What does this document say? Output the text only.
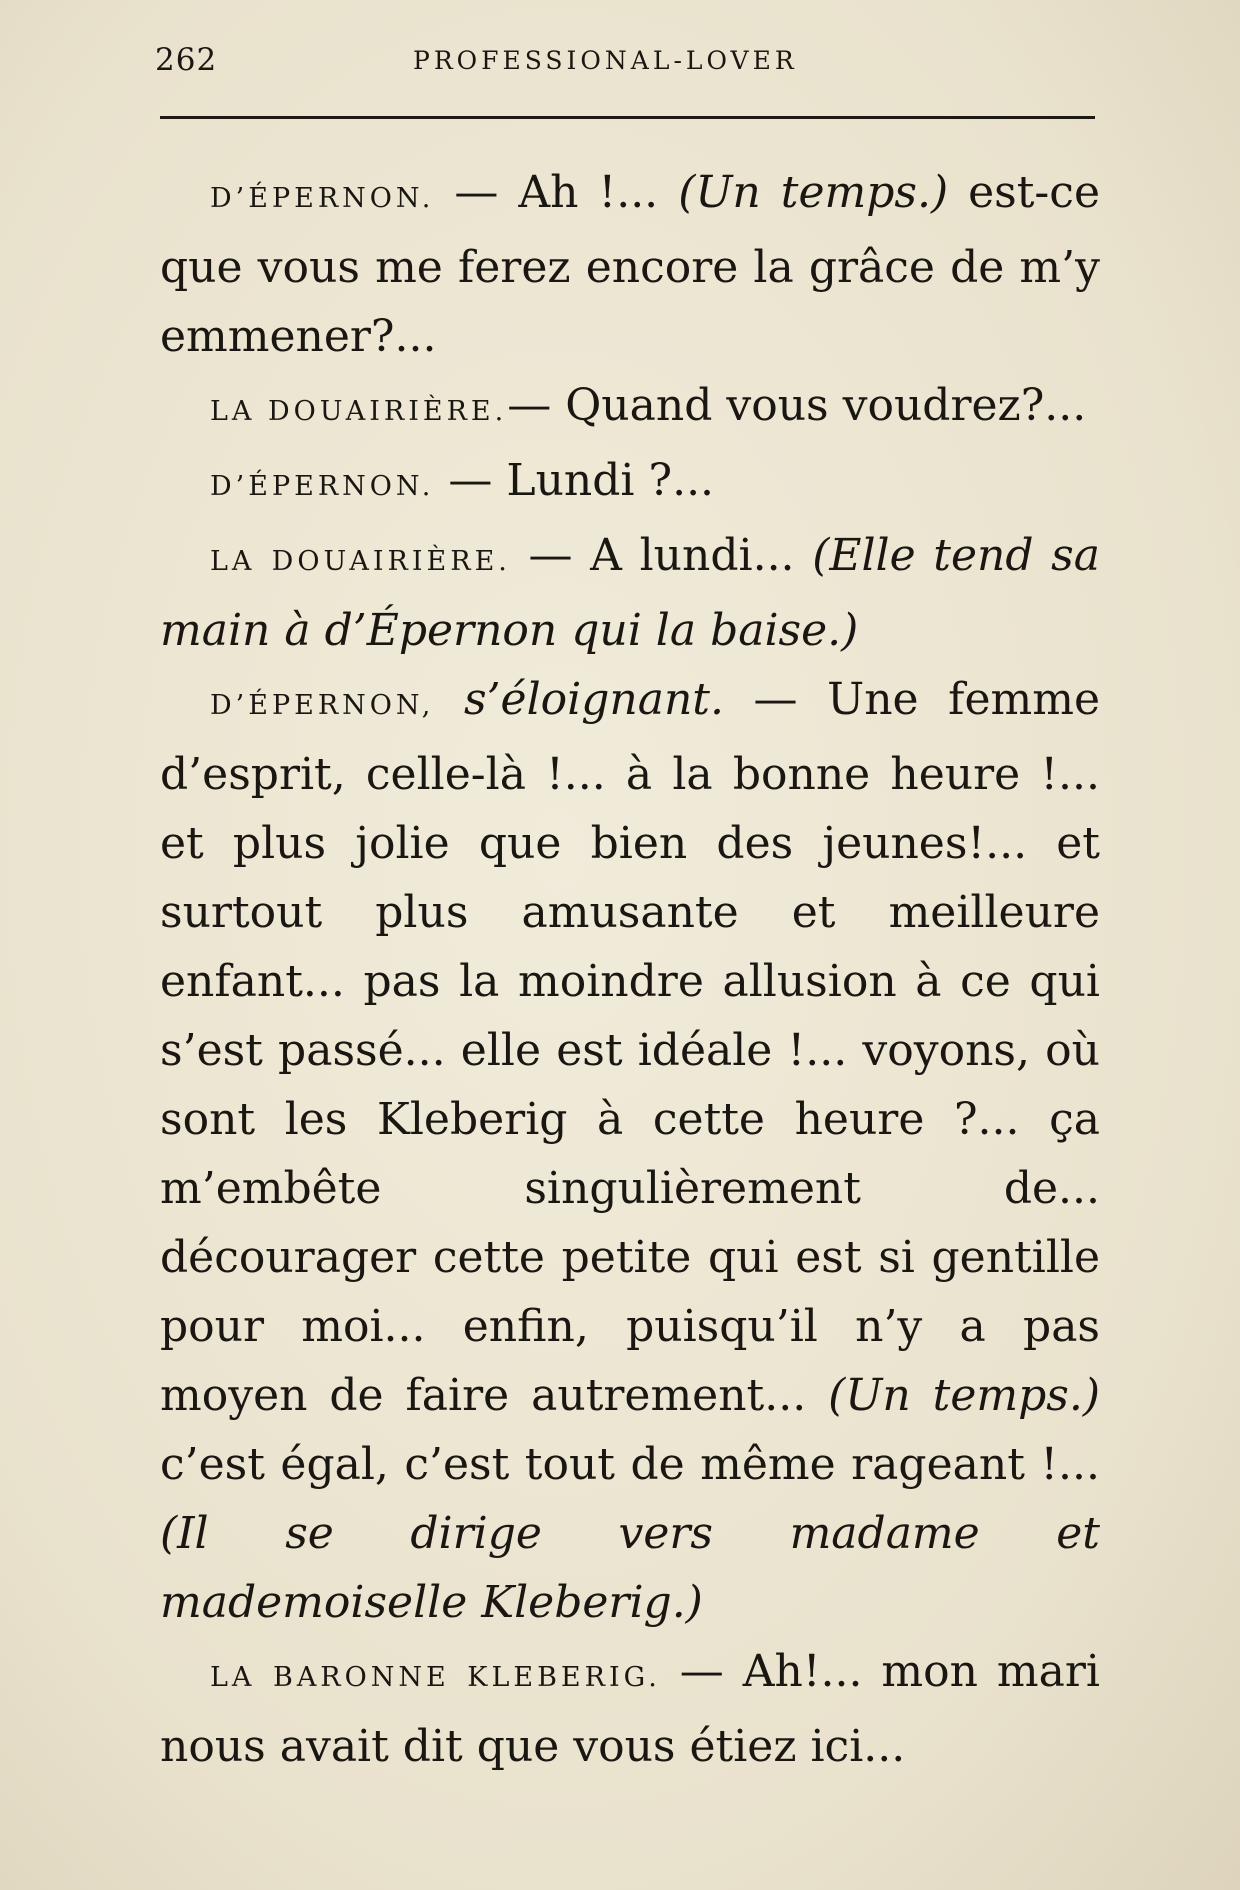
262	PROFESSIONAL-LOVER

D’ÉPERNON. — Ah !... (Un temps.) est-ce que vous me ferez encore la grâce de m’y emmener?...

LA DOUAIRIÈRE.— Quand vous voudrez?...

D’ÉPERNON. — Lundi ?...

LA DOUAIRIÈRE. — A lundi... (Elle tend sa main à d’Épernon qui la baise.)

D’ÉPERNON, s’éloignant. — Une femme d’esprit, celle-là !... à la bonne heure !... et plus jolie que bien des jeunes!... et surtout plus amusante et meilleure enfant... pas la moindre allusion à ce qui s’est passé... elle est idéale !... voyons, où sont les Kleberig à cette heure ?... ça m’embête singulièrement de... décourager cette petite qui est si gentille pour moi... enfin, puisqu’il n’y a pas moyen de faire autrement... (Un temps.) c’est égal, c’est tout de même rageant !... (Il se dirige vers madame et mademoiselle Kleberig.)

LA BARONNE KLEBERIG. — Ah!... mon mari nous avait dit que vous étiez ici...
